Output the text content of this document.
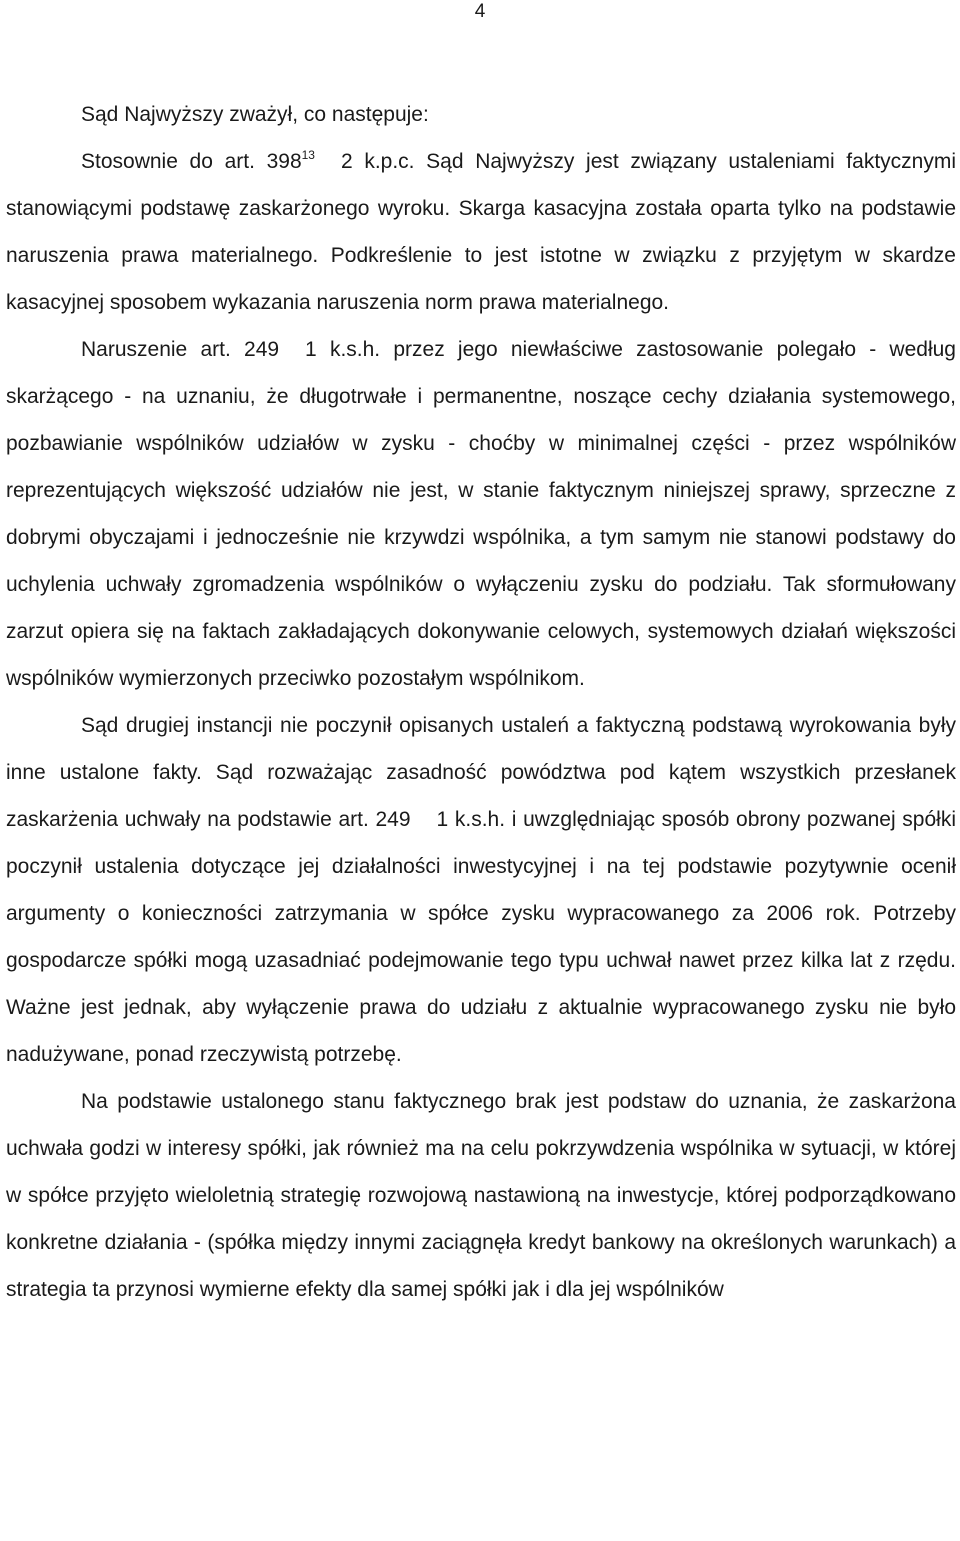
4

Sąd Najwyższy zważył, co następuje:

Stosownie do art. $398^{13}$ 2 k.p.c. Sąd Najwyższy jest związany ustaleniami faktycznymi stanowiącymi podstawę zaskarżonego wyroku. Skarga kasacyjna została oparta tylko na podstawie naruszenia prawa materialnego. Podkreślenie to jest istotne w związku z przyjętym w skardze kasacyjnej sposobem wykazania naruszenia norm prawa materialnego.

Naruszenie art. 249 1 k.s.h. przez jego niewłaściwe zastosowanie polegało - według skarżącego - na uznaniu, że długotrwałe i permanentne, noszące cechy działania systemowego, pozbawianie wspólników udziałów w zysku - choćby w minimalnej części - przez wspólników reprezentujących większość udziałów nie jest, w stanie faktycznym niniejszej sprawy, sprzeczne z dobrymi obyczajami i jednocześnie nie krzywdzi wspólnika, a tym samym nie stanowi podstawy do uchylenia uchwały zgromadzenia wspólników o wyłączeniu zysku do podziału. Tak sformułowany zarzut opiera się na faktach zakładających dokonywanie celowych, systemowych działań większości wspólników wymierzonych przeciwko pozostałym wspólnikom.

Sąd drugiej instancji nie poczynił opisanych ustaleń a faktyczną podstawą wyrokowania były inne ustalone fakty. Sąd rozważając zasadność powództwa pod kątem wszystkich przesłanek zaskarżenia uchwały na podstawie art. 249 1 k.s.h. i uwzględniając sposób obrony pozwanej spółki poczynił ustalenia dotyczące jej działalności inwestycyjnej i na tej podstawie pozytywnie ocenił argumenty o konieczności zatrzymania w spółce zysku wypracowanego za 2006 rok. Potrzeby gospodarcze spółki mogą uzasadniać podejmowanie tego typu uchwał nawet przez kilka lat z rzędu. Ważne jest jednak, aby wyłączenie prawa do udziału z aktualnie wypracowanego zysku nie było nadużywane, ponad rzeczywistą potrzebę.

Na podstawie ustalonego stanu faktycznego brak jest podstaw do uznania, że zaskarżona uchwała godzi w interesy spółki, jak również ma na celu pokrzywdzenia wspólnika w sytuacji, w której w spółce przyjęto wieloletnią strategię rozwojową nastawioną na inwestycje, której podporządkowano konkretne działania - (spółka między innymi zaciągnęła kredyt bankowy na określonych warunkach) a strategia ta przynosi wymierne efekty dla samej spółki jak i dla jej wspólników
